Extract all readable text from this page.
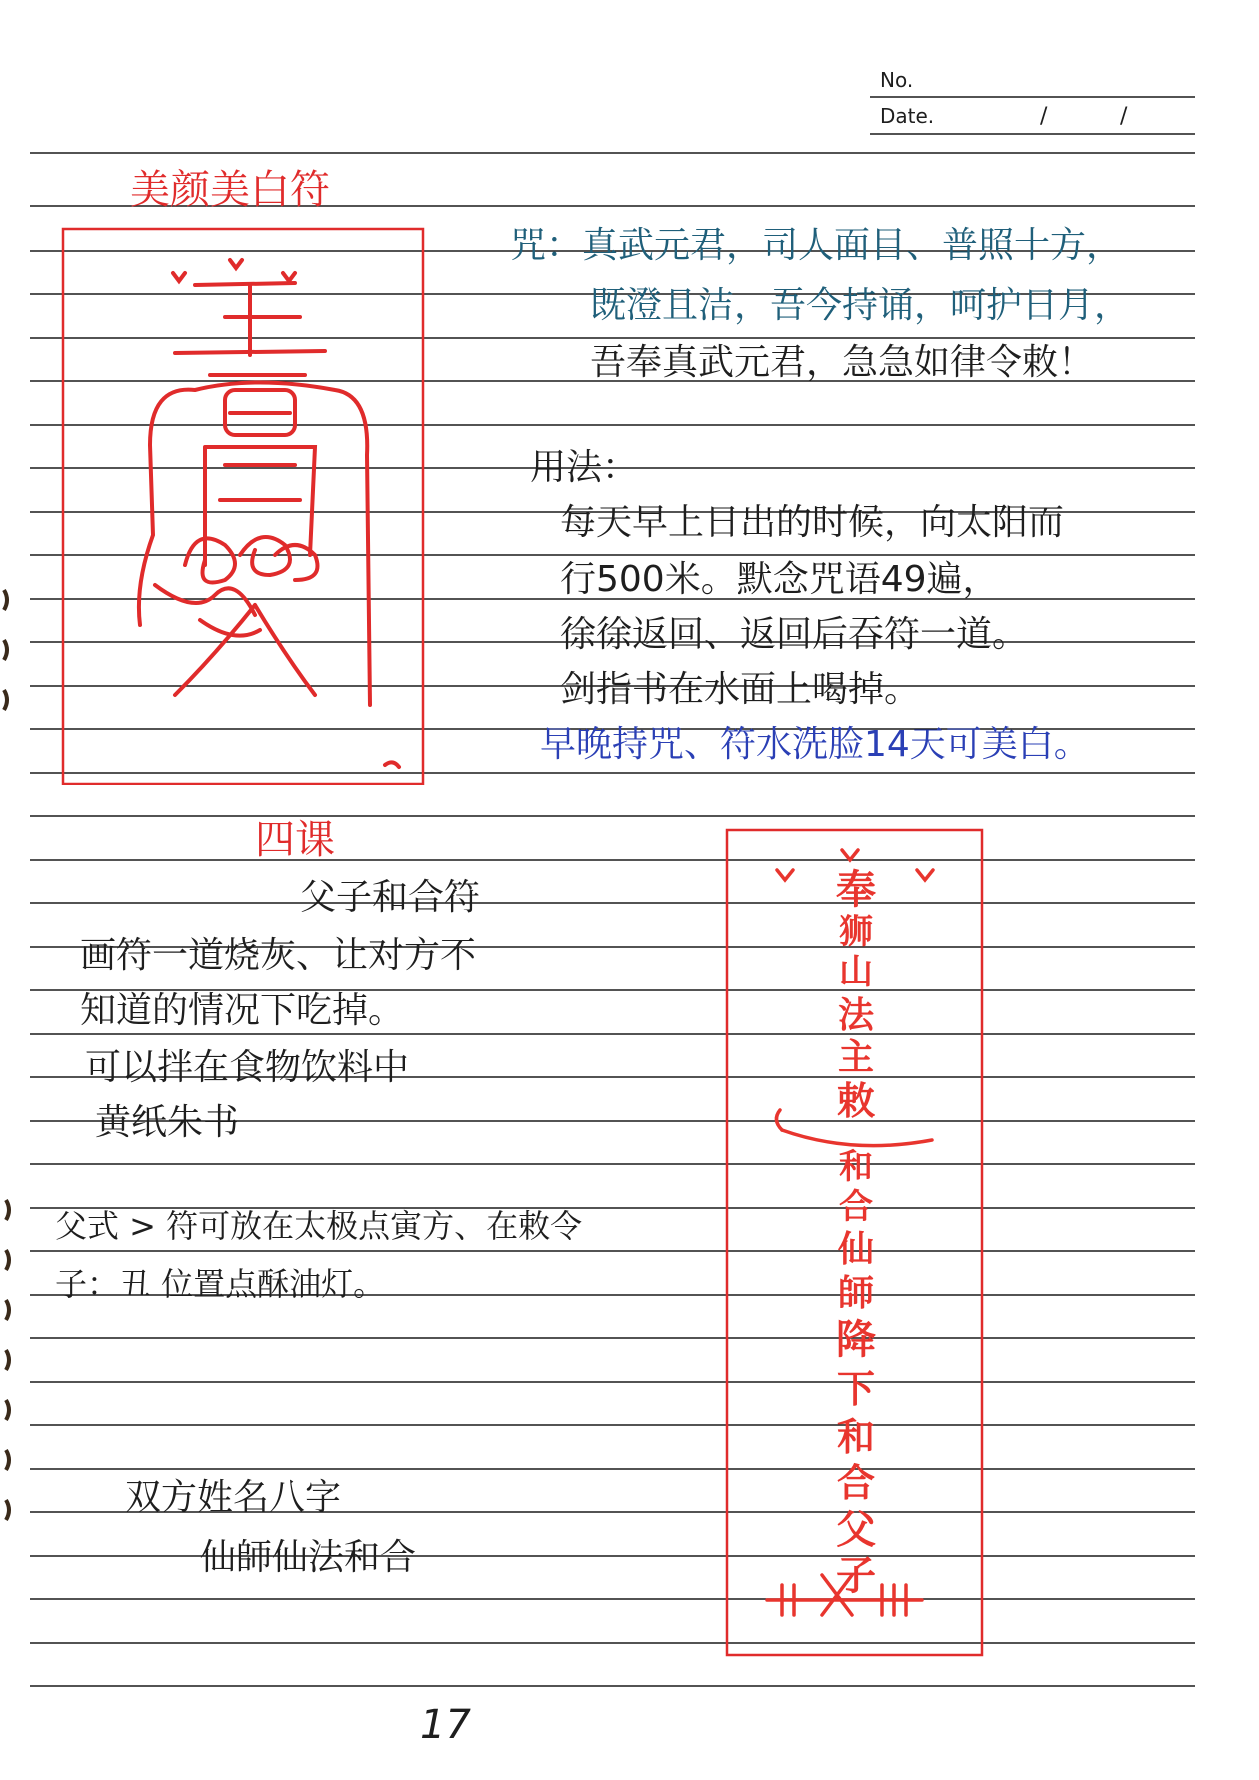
No.
Date.	/	/
美颜美白符
咒：真武元君，司人面目、普照十方，
既澄且洁，吾今持诵，呵护日月，
吾奉真武元君，急急如律令敕！
用法：
每天早上日出的时候，向太阳而
行500米。默念咒语49遍，
徐徐返回、返回后吞符一道。
剑指书在水面上喝掉。
早晚持咒、符水洗脸14天可美白。
四课
父子和合符
画符一道烧灰、让对方不
知道的情况下吃掉。
可以拌在食物饮料中
黄纸朱书
父式 > 符可放在太极点寅方、在敕令
子：丑 位置点酥油灯。
双方姓名八字
仙師仙法和合
奉
狮
山
法
主
敕
和
合
仙
師
降
下
和
合
父
子
17
